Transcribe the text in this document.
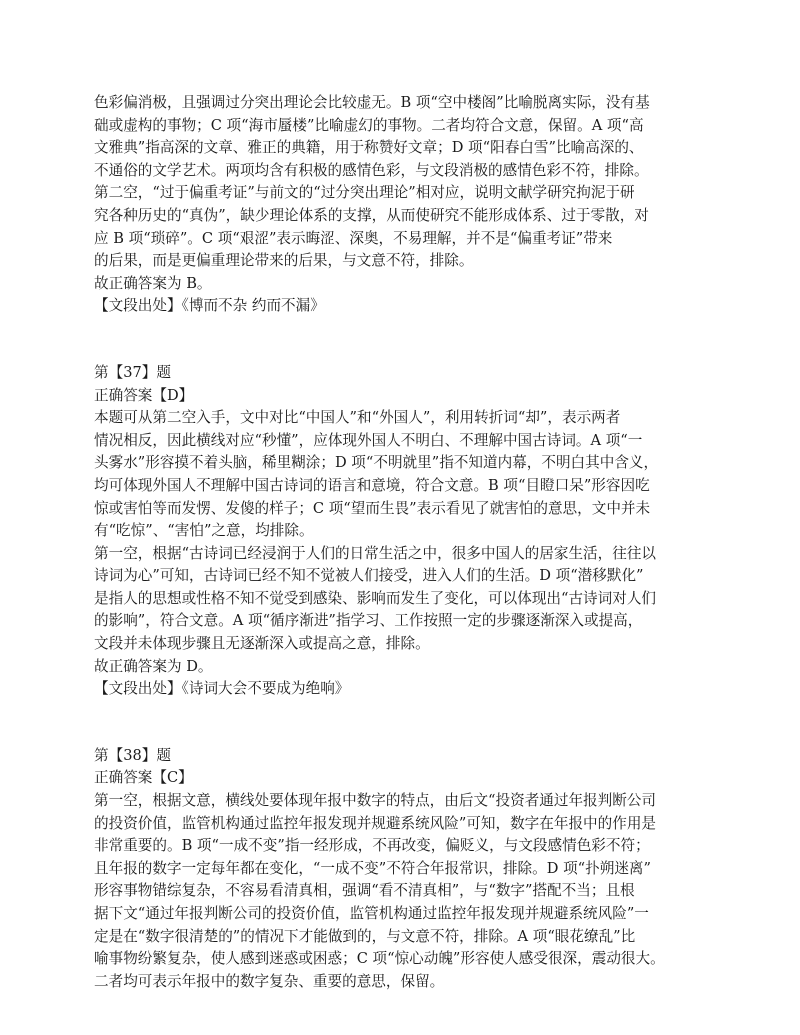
色彩偏消极，且强调过分突出理论会比较虚无。B 项“空中楼阁”比喻脱离实际，没有基
础或虚构的事物；C 项“海市蜃楼”比喻虚幻的事物。二者均符合文意，保留。A 项“高
文雅典”指高深的文章、雅正的典籍，用于称赞好文章；D 项“阳春白雪”比喻高深的、
不通俗的文学艺术。两项均含有积极的感情色彩，与文段消极的感情色彩不符，排除。
第二空，“过于偏重考证”与前文的“过分突出理论”相对应，说明文献学研究拘泥于研
究各种历史的“真伪”，缺少理论体系的支撑，从而使研究不能形成体系、过于零散，对
应 B 项“琐碎”。C 项“艰涩”表示晦涩、深奥，不易理解，并不是“偏重考证”带来
的后果，而是更偏重理论带来的后果，与文意不符，排除。
故正确答案为 B。
【文段出处】《博而不杂 约而不漏》
第【37】题
正确答案【D】
本题可从第二空入手，文中对比“中国人”和“外国人”，利用转折词“却”，表示两者
情况相反，因此横线对应“秒懂”，应体现外国人不明白、不理解中国古诗词。A 项“一
头雾水”形容摸不着头脑，稀里糊涂；D 项“不明就里”指不知道内幕，不明白其中含义，
均可体现外国人不理解中国古诗词的语言和意境，符合文意。B 项“目瞪口呆”形容因吃
惊或害怕等而发愣、发傻的样子；C 项“望而生畏”表示看见了就害怕的意思，文中并未
有“吃惊”、“害怕”之意，均排除。
第一空，根据“古诗词已经浸润于人们的日常生活之中，很多中国人的居家生活，往往以
诗词为心”可知，古诗词已经不知不觉被人们接受，进入人们的生活。D 项“潜移默化”
是指人的思想或性格不知不觉受到感染、影响而发生了变化，可以体现出“古诗词对人们
的影响”，符合文意。A 项“循序渐进”指学习、工作按照一定的步骤逐渐深入或提高，
文段并未体现步骤且无逐渐深入或提高之意，排除。
故正确答案为 D。
【文段出处】《诗词大会不要成为绝响》
第【38】题
正确答案【C】
第一空，根据文意，横线处要体现年报中数字的特点，由后文“投资者通过年报判断公司
的投资价值，监管机构通过监控年报发现并规避系统风险”可知，数字在年报中的作用是
非常重要的。B 项“一成不变”指一经形成，不再改变，偏贬义，与文段感情色彩不符；
且年报的数字一定每年都在变化，“一成不变”不符合年报常识，排除。D 项“扑朔迷离”
形容事物错综复杂，不容易看清真相，强调“看不清真相”，与“数字”搭配不当；且根
据下文“通过年报判断公司的投资价值，监管机构通过监控年报发现并规避系统风险”一
定是在“数字很清楚的”的情况下才能做到的，与文意不符，排除。A 项“眼花缭乱”比
喻事物纷繁复杂，使人感到迷惑或困惑；C 项“惊心动魄”形容使人感受很深，震动很大。
二者均可表示年报中的数字复杂、重要的意思，保留。
